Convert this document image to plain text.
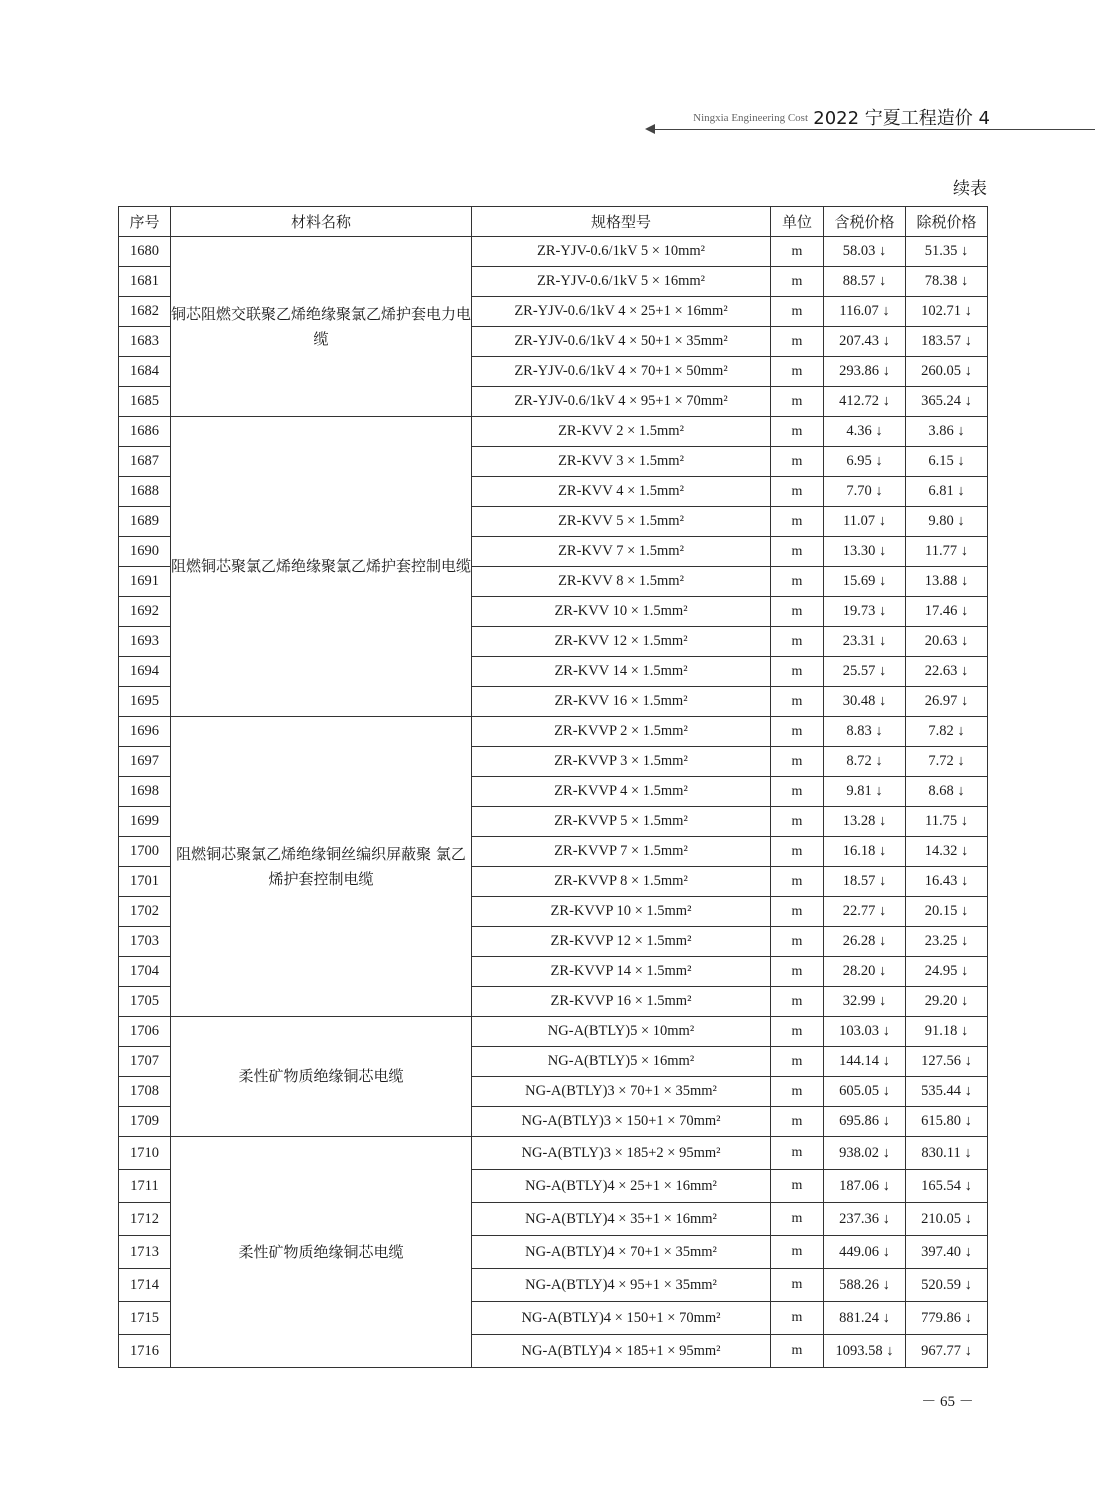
Ningxia Engineering Cost 2022 宁夏工程造价 4
续表
序号	材料名称	规格型号	单位	含税价格	除税价格
1680	铜芯阻燃交联聚乙烯绝缘聚氯乙烯护套电力电缆	ZR-YJV-0.6/1kV 5 × 10mm²	m	58.03 ↓	51.35 ↓
1681		ZR-YJV-0.6/1kV 5 × 16mm²	m	88.57 ↓	78.38 ↓
1682		ZR-YJV-0.6/1kV 4 × 25+1 × 16mm²	m	116.07 ↓	102.71 ↓
1683		ZR-YJV-0.6/1kV 4 × 50+1 × 35mm²	m	207.43 ↓	183.57 ↓
1684		ZR-YJV-0.6/1kV 4 × 70+1 × 50mm²	m	293.86 ↓	260.05 ↓
1685		ZR-YJV-0.6/1kV 4 × 95+1 × 70mm²	m	412.72 ↓	365.24 ↓
1686	阻燃铜芯聚氯乙烯绝缘聚氯乙烯护套控制电缆	ZR-KVV 2 × 1.5mm²	m	4.36 ↓	3.86 ↓
1687		ZR-KVV 3 × 1.5mm²	m	6.95 ↓	6.15 ↓
1688		ZR-KVV 4 × 1.5mm²	m	7.70 ↓	6.81 ↓
1689		ZR-KVV 5 × 1.5mm²	m	11.07 ↓	9.80 ↓
1690		ZR-KVV 7 × 1.5mm²	m	13.30 ↓	11.77 ↓
1691		ZR-KVV 8 × 1.5mm²	m	15.69 ↓	13.88 ↓
1692		ZR-KVV 10 × 1.5mm²	m	19.73 ↓	17.46 ↓
1693		ZR-KVV 12 × 1.5mm²	m	23.31 ↓	20.63 ↓
1694		ZR-KVV 14 × 1.5mm²	m	25.57 ↓	22.63 ↓
1695		ZR-KVV 16 × 1.5mm²	m	30.48 ↓	26.97 ↓
1696	阻燃铜芯聚氯乙烯绝缘铜丝编织屏蔽聚 氯乙烯护套控制电缆	ZR-KVVP 2 × 1.5mm²	m	8.83 ↓	7.82 ↓
1697		ZR-KVVP 3 × 1.5mm²	m	8.72 ↓	7.72 ↓
1698		ZR-KVVP 4 × 1.5mm²	m	9.81 ↓	8.68 ↓
1699		ZR-KVVP 5 × 1.5mm²	m	13.28 ↓	11.75 ↓
1700		ZR-KVVP 7 × 1.5mm²	m	16.18 ↓	14.32 ↓
1701		ZR-KVVP 8 × 1.5mm²	m	18.57 ↓	16.43 ↓
1702		ZR-KVVP 10 × 1.5mm²	m	22.77 ↓	20.15 ↓
1703		ZR-KVVP 12 × 1.5mm²	m	26.28 ↓	23.25 ↓
1704		ZR-KVVP 14 × 1.5mm²	m	28.20 ↓	24.95 ↓
1705		ZR-KVVP 16 × 1.5mm²	m	32.99 ↓	29.20 ↓
1706	柔性矿物质绝缘铜芯电缆	NG-A(BTLY)5 × 10mm²	m	103.03 ↓	91.18 ↓
1707		NG-A(BTLY)5 × 16mm²	m	144.14 ↓	127.56 ↓
1708		NG-A(BTLY)3 × 70+1 × 35mm²	m	605.05 ↓	535.44 ↓
1709		NG-A(BTLY)3 × 150+1 × 70mm²	m	695.86 ↓	615.80 ↓
1710	柔性矿物质绝缘铜芯电缆	NG-A(BTLY)3 × 185+2 × 95mm²	m	938.02 ↓	830.11 ↓
1711		NG-A(BTLY)4 × 25+1 × 16mm²	m	187.06 ↓	165.54 ↓
1712		NG-A(BTLY)4 × 35+1 × 16mm²	m	237.36 ↓	210.05 ↓
1713		NG-A(BTLY)4 × 70+1 × 35mm²	m	449.06 ↓	397.40 ↓
1714		NG-A(BTLY)4 × 95+1 × 35mm²	m	588.26 ↓	520.59 ↓
1715		NG-A(BTLY)4 × 150+1 × 70mm²	m	881.24 ↓	779.86 ↓
1716		NG-A(BTLY)4 × 185+1 × 95mm²	m	1093.58 ↓	967.77 ↓
－ 65 －
